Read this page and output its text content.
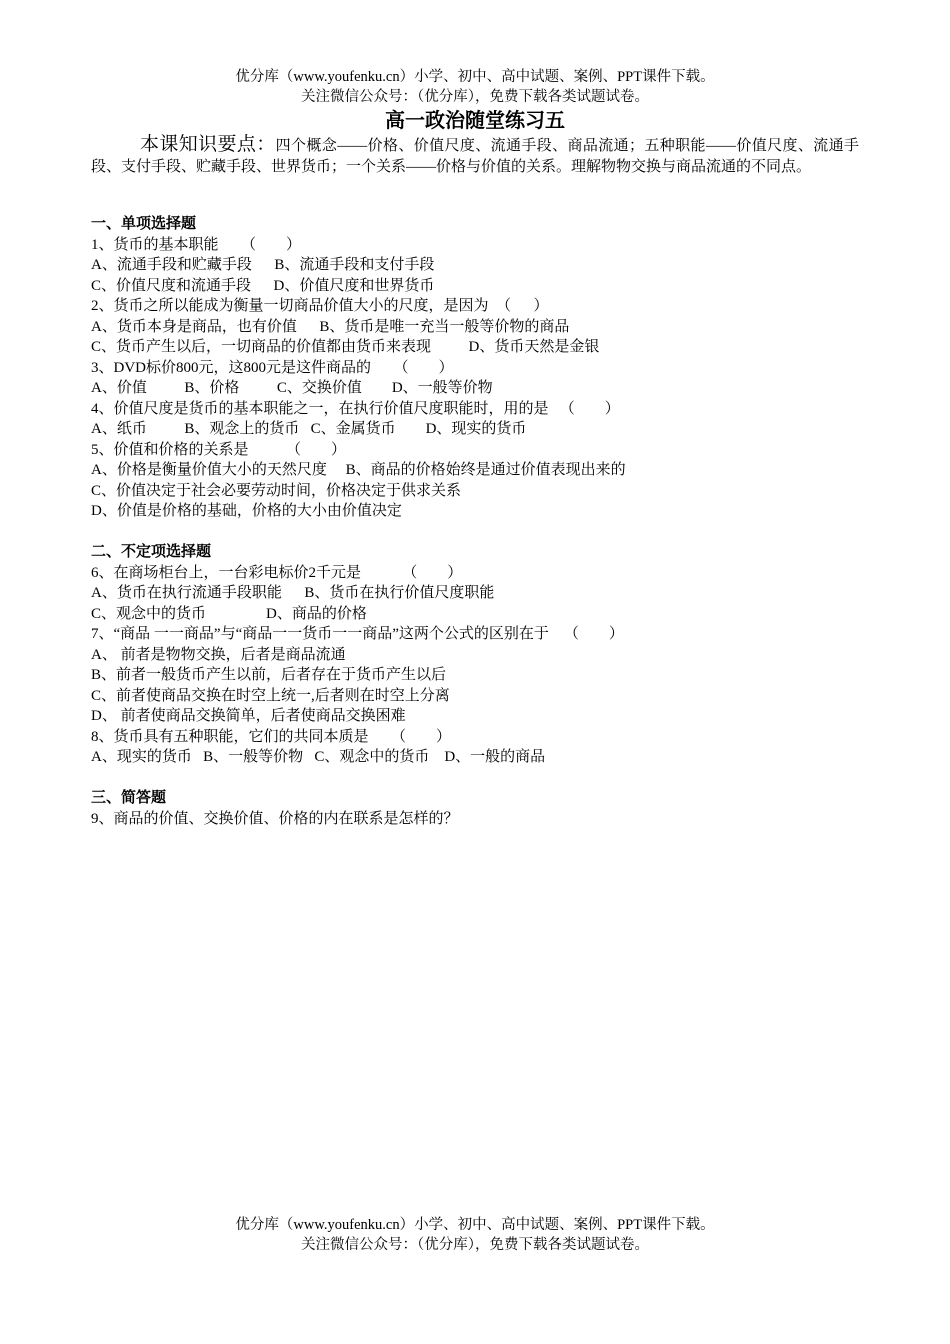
优分库（www.youfenku.cn）小学、初中、高中试题、案例、PPT课件下载。
关注微信公众号：（优分库），免费下载各类试题试卷。
高一政治随堂练习五
本课知识要点：四个概念——价格、价值尺度、流通手段、商品流通；五种职能——价值尺度、流通手段、支付手段、贮藏手段、世界货币；一个关系——价格与价值的关系。理解物物交换与商品流通的不同点。
一、单项选择题
1、货币的基本职能      （        ）
A、流通手段和贮藏手段      B、流通手段和支付手段
C、价值尺度和流通手段      D、价值尺度和世界货币
2、货币之所以能成为衡量一切商品价值大小的尺度，是因为  （      ）
A、货币本身是商品，也有价值      B、货币是唯一充当一般等价物的商品
C、货币产生以后，一切商品的价值都由货币来表现          D、货币天然是金银
3、DVD标价800元，这800元是这件商品的      （        ）
A、价值          B、价格          C、交换价值        D、一般等价物
4、价值尺度是货币的基本职能之一，在执行价值尺度职能时，用的是   （        ）
A、纸币          B、观念上的货币   C、金属货币        D、现实的货币
5、价值和价格的关系是          （        ）
A、价格是衡量价值大小的天然尺度     B、商品的价格始终是通过价值表现出来的
C、价值决定于社会必要劳动时间，价格决定于供求关系
D、价值是价格的基础，价格的大小由价值决定
二、不定项选择题
6、在商场柜台上，一台彩电标价2千元是           （        ）
A、货币在执行流通手段职能      B、货币在执行价值尺度职能
C、观念中的货币                D、商品的价格
7、“商品 一一商品”与“商品一一货币一一商品”这两个公式的区别在于    （        ）
A、 前者是物物交换，后者是商品流通
B、前者一般货币产生以前，后者存在于货币产生以后
C、前者使商品交换在时空上统一,后者则在时空上分离
D、 前者使商品交换简单，后者使商品交换困难
8、货币具有五种职能，它们的共同本质是      （        ）
A、现实的货币   B、一般等价物   C、观念中的货币    D、一般的商品
三、简答题
9、商品的价值、交换价值、价格的内在联系是怎样的？
优分库（www.youfenku.cn）小学、初中、高中试题、案例、PPT课件下载。
关注微信公众号：（优分库），免费下载各类试题试卷。
